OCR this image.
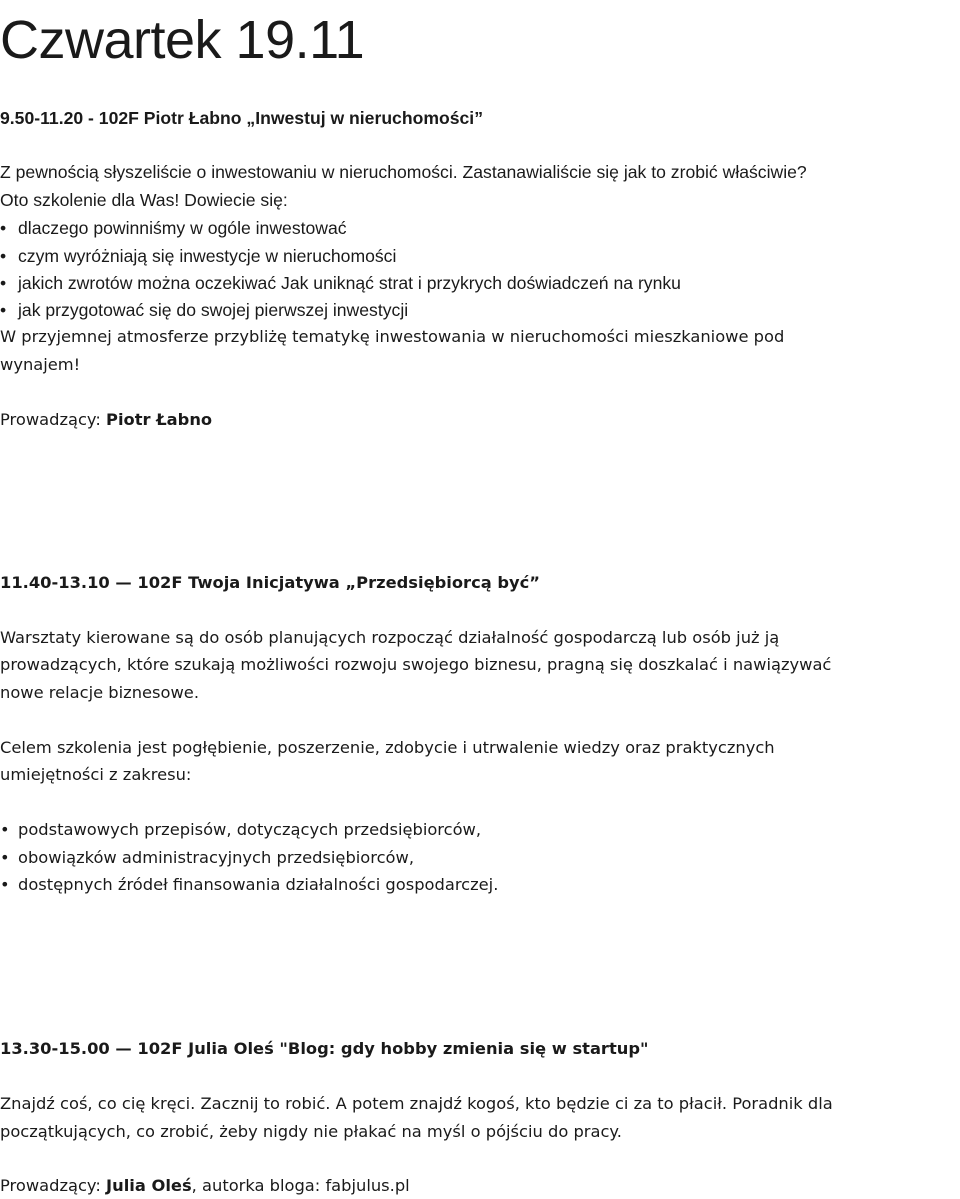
Czwartek 19.11
9.50-11.20 - 102F Piotr Łabno „Inwestuj w nieruchomości”
Z pewnością słyszeliście o inwestowaniu w nieruchomości. Zastanawialiście się jak to zrobić właściwie?
Oto szkolenie dla Was! Dowiecie się:
• dlaczego powinniśmy w ogóle inwestować
• czym wyróżniają się inwestycje w nieruchomości
• jakich zwrotów można oczekiwać Jak uniknąć strat i przykrych doświadczeń na rynku
• jak przygotować się do swojej pierwszej inwestycji
W przyjemnej atmosferze przybliżę tematykę inwestowania w nieruchomości mieszkaniowe pod
wynajem!
Prowadzący: Piotr Łabno
11.40-13.10 — 102F Twoja Inicjatywa „Przedsiębiorcą być”
Warsztaty kierowane są do osób planujących rozpocząć działalność gospodarczą lub osób już ją
prowadzących, które szukają możliwości rozwoju swojego biznesu, pragną się doszkalać i nawiązywać
nowe relacje biznesowe.
Celem szkolenia jest pogłębienie, poszerzenie, zdobycie i utrwalenie wiedzy oraz praktycznych
umiejętności z zakresu:
• podstawowych przepisów, dotyczących przedsiębiorców,
• obowiązków administracyjnych przedsiębiorców,
• dostępnych źródeł finansowania działalności gospodarczej.
13.30-15.00 — 102F Julia Oleś "Blog: gdy hobby zmienia się w startup"
Znajdź coś, co cię kręci. Zacznij to robić. A potem znajdź kogoś, kto będzie ci za to płacił. Poradnik dla
początkujących, co zrobić, żeby nigdy nie płakać na myśl o pójściu do pracy.
Prowadzący: Julia Oleś, autorka bloga: fabjulus.pl
